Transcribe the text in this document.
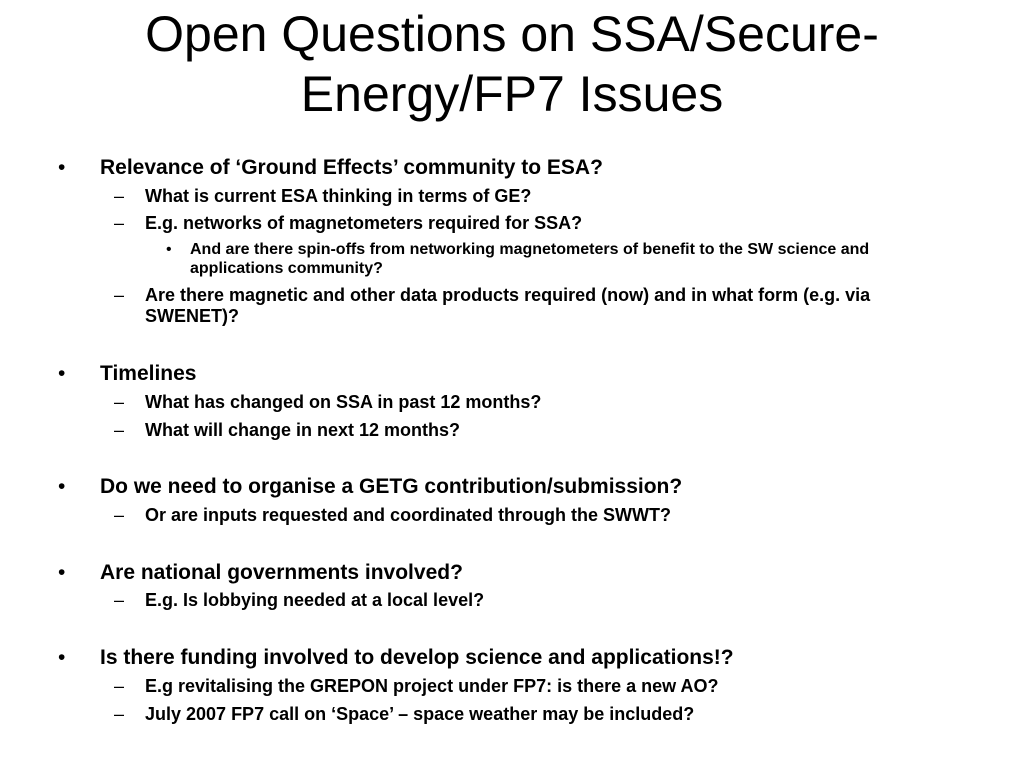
Open Questions on SSA/Secure-Energy/FP7 Issues
• Relevance of ‘Ground Effects’ community to ESA?
– What is current ESA thinking in terms of GE?
– E.g. networks of magnetometers required for SSA?
• And are there spin-offs from networking magnetometers of benefit to the SW science and applications community?
– Are there magnetic and other data products required (now) and in what form (e.g. via SWENET)?
• Timelines
– What has changed on SSA in past 12 months?
– What will change in next 12 months?
• Do we need to organise a GETG contribution/submission?
– Or are inputs requested and coordinated through the SWWT?
• Are national governments involved?
– E.g. Is lobbying needed at a local level?
• Is there funding involved to develop science and applications!?
– E.g revitalising the GREPON project under FP7: is there a new AO?
– July 2007 FP7 call on ‘Space’ – space weather may be included?
